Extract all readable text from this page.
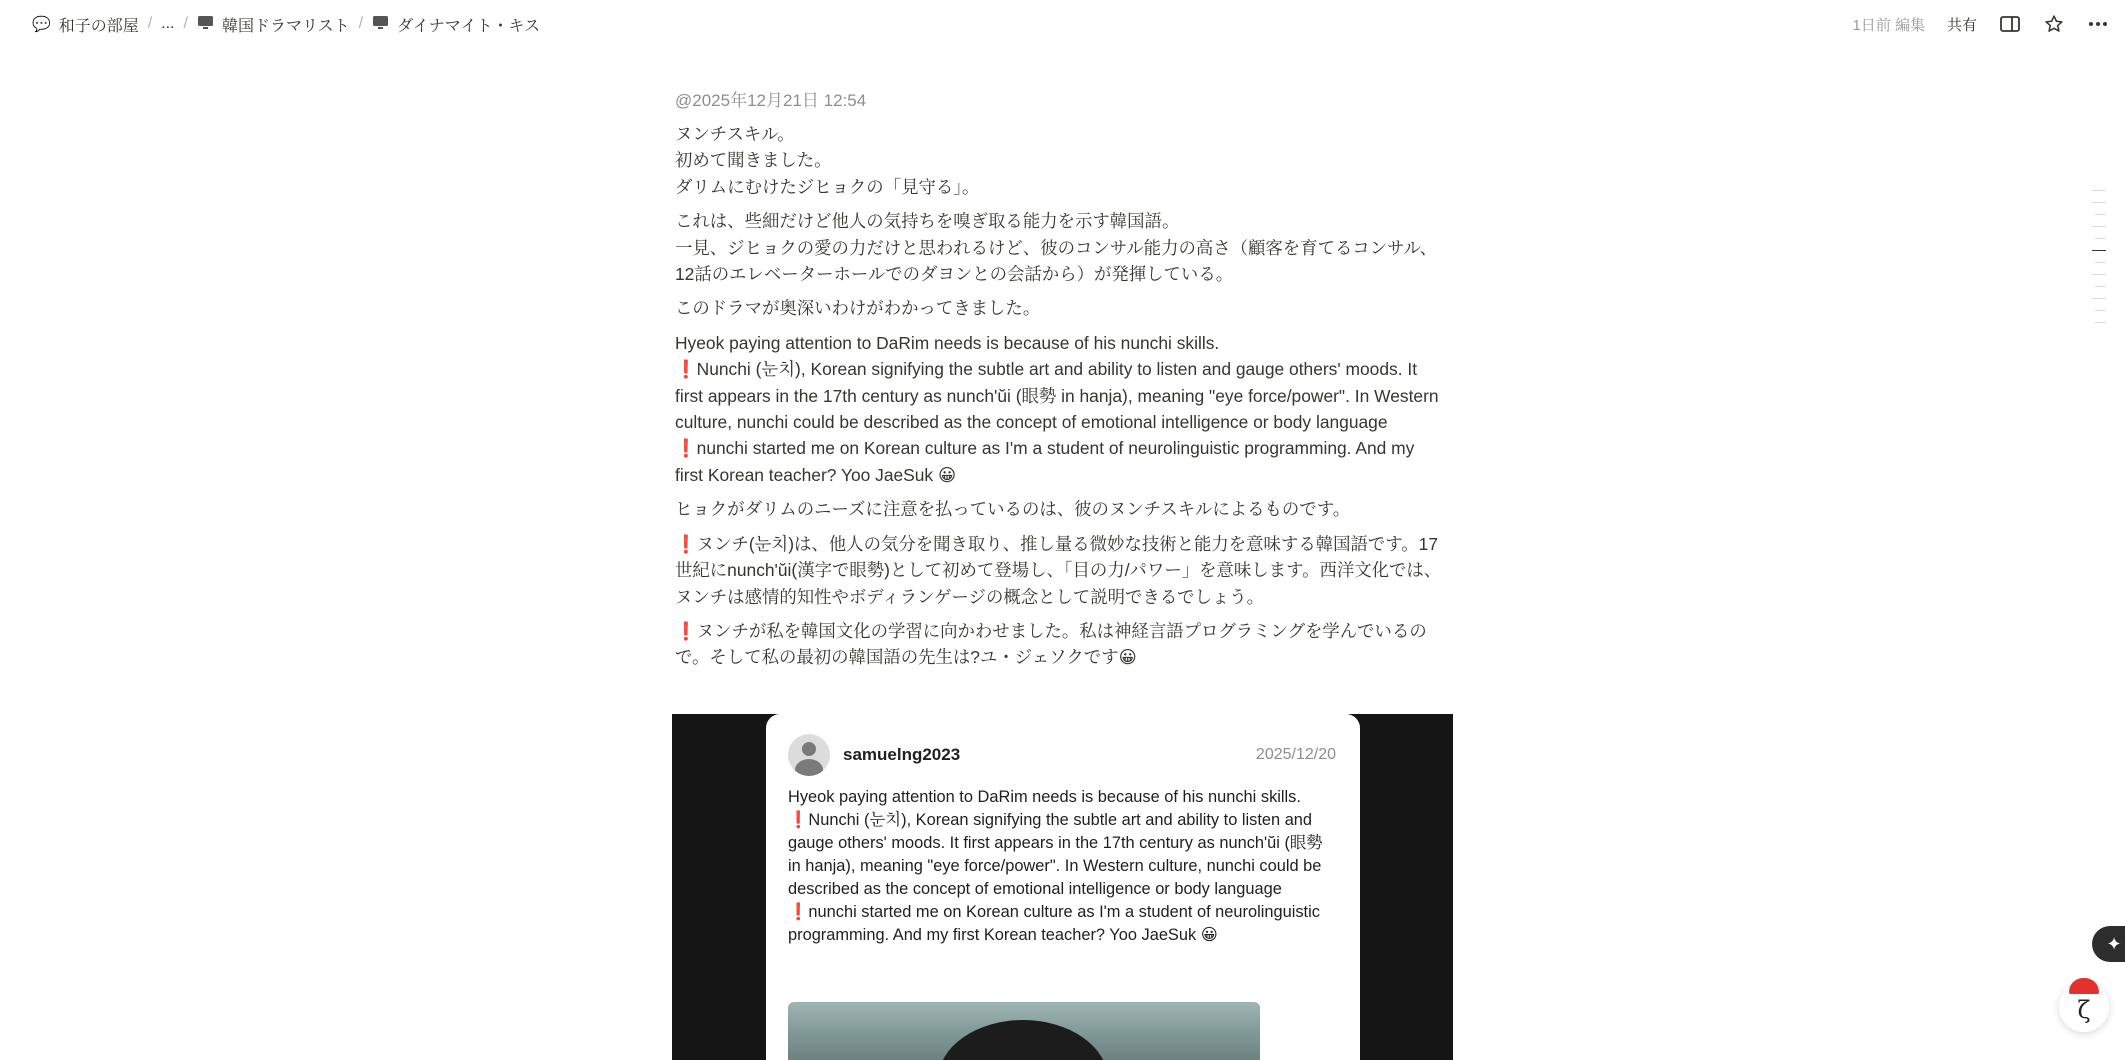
💬 和子の部屋 / ... / 韓国ドラマリスト / ダイナマイト・キス	1日前 編集 共有
@2025年12月21日 12:54
ヌンチスキル。
初めて聞きました。
ダリムにむけたジヒョクの「見守る」。
これは、些細だけど他人の気持ちを嗅ぎ取る能力を示す韓国語。
一見、ジヒョクの愛の力だけと思われるけど、彼のコンサル能力の高さ（顧客を育てるコンサル、
12話のエレベーターホールでのダヨンとの会話から）が発揮している。
このドラマが奥深いわけがわかってきました。
Hyeok paying attention to DaRim needs is because of his nunchi skills.
❗Nunchi (눈치), Korean signifying the subtle art and ability to listen and gauge others' moods. It first appears in the 17th century as nunch'ŭi (眼勢 in hanja), meaning "eye force/power". In Western culture, nunchi could be described as the concept of emotional intelligence or body language
❗nunchi started me on Korean culture as I'm a student of neurolinguistic programming. And my first Korean teacher? Yoo JaeSuk 😀
ヒョクがダリムのニーズに注意を払っているのは、彼のヌンチスキルによるものです。
❗ヌンチ(눈치)は、他人の気分を聞き取り、推し量る微妙な技術と能力を意味する韓国語です。17世紀にnunch'ŭi(漢字で眼勢)として初めて登場し、「目の力/パワー」を意味します。西洋文化では、ヌンチは感情的知性やボディランゲージの概念として説明できるでしょう。
❗ヌンチが私を韓国文化の学習に向かわせました。私は神経言語プログラミングを学んでいるので。そして私の最初の韓国語の先生は?ユ・ジェソクです😀
samuelng2023	2025/12/20
Hyeok paying attention to DaRim needs is because of his nunchi skills.
❗Nunchi (눈치), Korean signifying the subtle art and ability to listen and gauge others' moods. It first appears in the 17th century as nunch'ŭi (眼勢 in hanja), meaning "eye force/power". In Western culture, nunchi could be described as the concept of emotional intelligence or body language
❗nunchi started me on Korean culture as I'm a student of neurolinguistic programming. And my first Korean teacher? Yoo JaeSuk 😀	✦
ζ
